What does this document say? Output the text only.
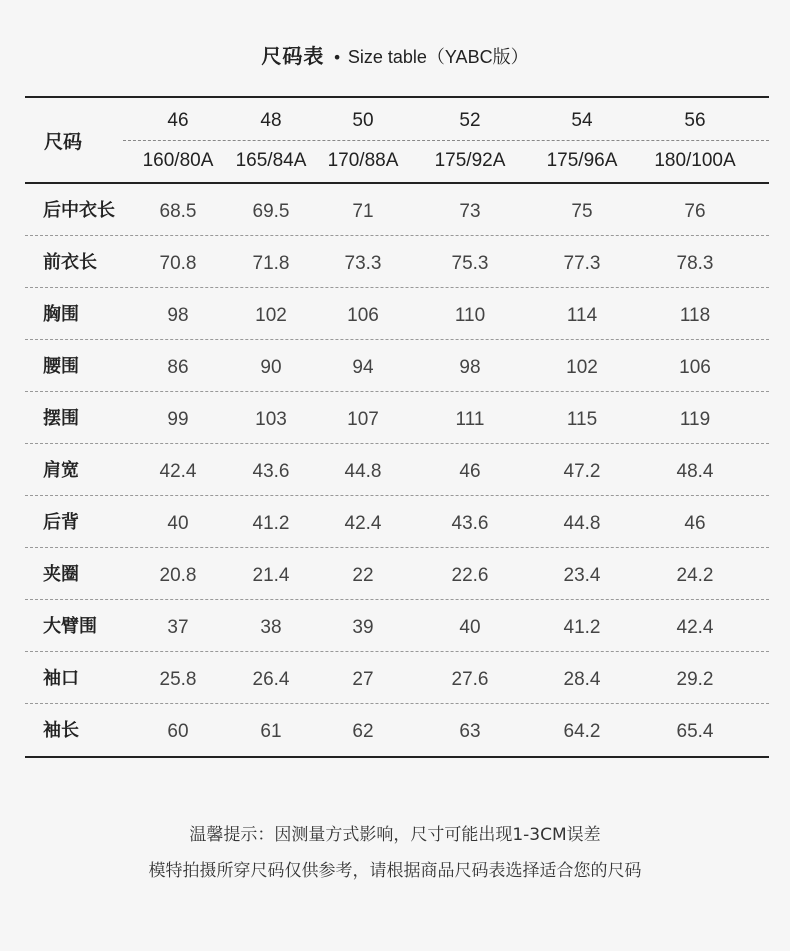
尺码表 • Size table（YABC版）
尺码
46	48	50	52	54	56
160/80A 165/84A 170/88A 175/92A 175/96A 180/100A
后中衣长 68.5	69.5	71	73	75	76
前衣长	70.8	71.8	73.3	75.3	77.3	78.3
胸围	98	102	106	110	114	118
腰围	86	90	94	98	102	106
摆围	99	103	107	111	115	119
肩宽	42.4	43.6	44.8	46	47.2	48.4
后背	40	41.2	42.4	43.6	44.8	46
夹圈	20.8	21.4	22	22.6	23.4	24.2
大臂围	37	38	39	40	41.2	42.4
袖口	25.8	26.4	27	27.6	28.4	29.2
袖长	60	61	62	63	64.2	65.4
温馨提示：因测量方式影响，尺寸可能出现1-3CM误差
模特拍摄所穿尺码仅供参考，请根据商品尺码表选择适合您的尺码
